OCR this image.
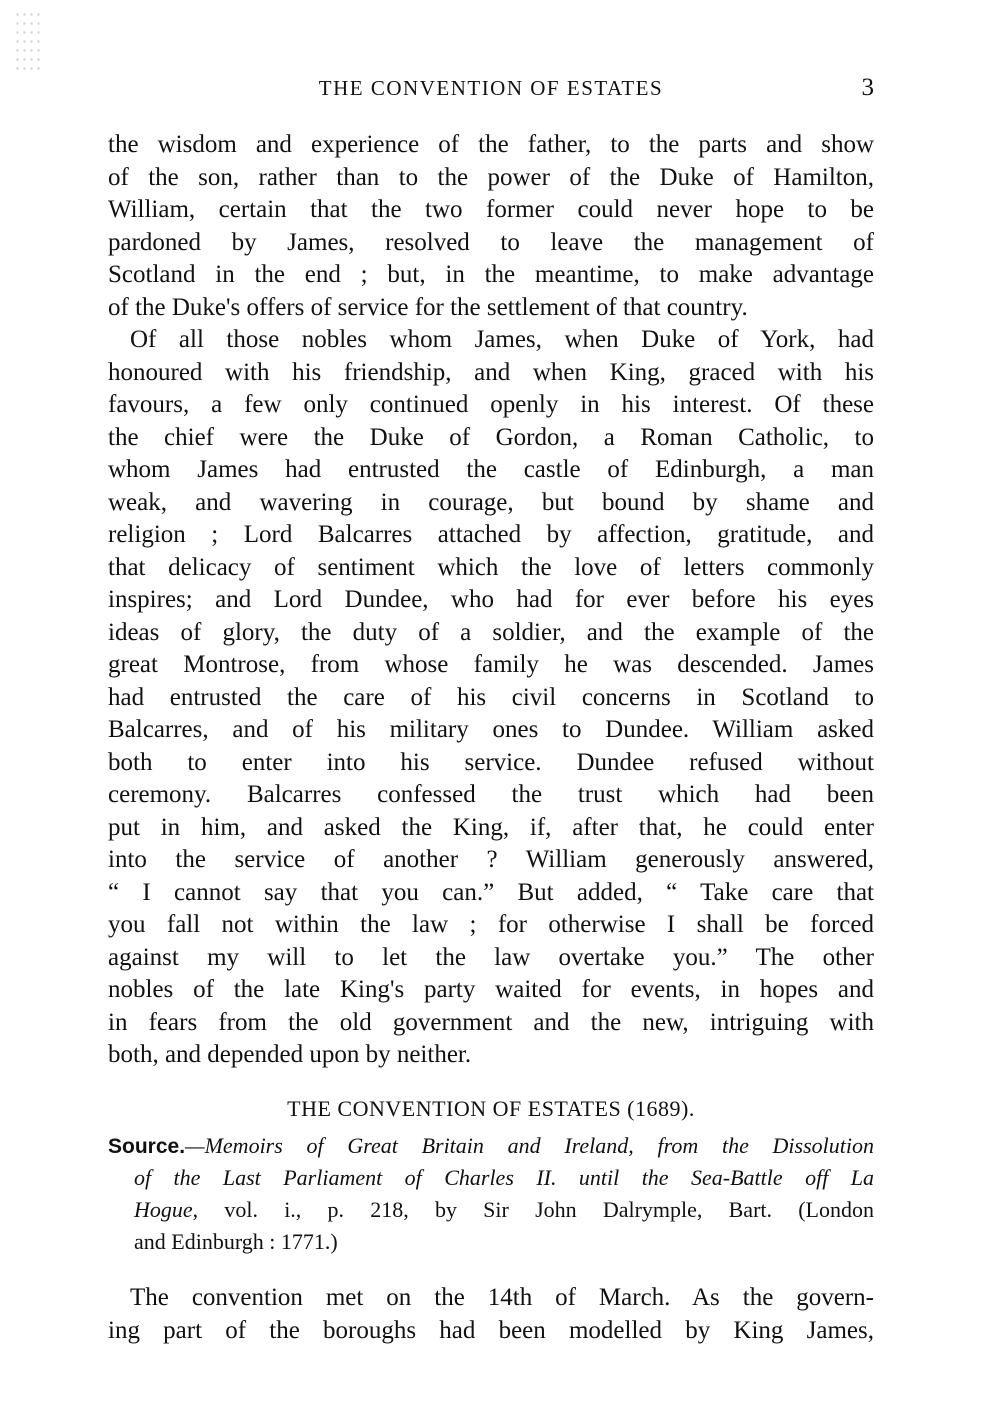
THE CONVENTION OF ESTATES	3
the wisdom and experience of the father, to the parts and show
of the son, rather than to the power of the Duke of Hamilton,
William, certain that the two former could never hope to be
pardoned by James, resolved to leave the management of
Scotland in the end ; but, in the meantime, to make advantage
of the Duke's offers of service for the settlement of that country.
Of all those nobles whom James, when Duke of York, had
honoured with his friendship, and when King, graced with his
favours, a few only continued openly in his interest. Of these
the chief were the Duke of Gordon, a Roman Catholic, to
whom James had entrusted the castle of Edinburgh, a man
weak, and wavering in courage, but bound by shame and
religion ; Lord Balcarres attached by affection, gratitude, and
that delicacy of sentiment which the love of letters commonly
inspires; and Lord Dundee, who had for ever before his eyes
ideas of glory, the duty of a soldier, and the example of the
great Montrose, from whose family he was descended. James
had entrusted the care of his civil concerns in Scotland to
Balcarres, and of his military ones to Dundee. William asked
both to enter into his service. Dundee refused without
ceremony. Balcarres confessed the trust which had been
put in him, and asked the King, if, after that, he could enter
into the service of another ? William generously answered,
“ I cannot say that you can.” But added, “ Take care that
you fall not within the law ; for otherwise I shall be forced
against my will to let the law overtake you.” The other
nobles of the late King's party waited for events, in hopes and
in fears from the old government and the new, intriguing with
both, and depended upon by neither.
THE CONVENTION OF ESTATES (1689).
Source.—Memoirs of Great Britain and Ireland, from the Dissolution
of the Last Parliament of Charles II. until the Sea-Battle off La
Hogue, vol. i., p. 218, by Sir John Dalrymple, Bart. (London
and Edinburgh : 1771.)
The convention met on the 14th of March. As the govern-
ing part of the boroughs had been modelled by King James,
